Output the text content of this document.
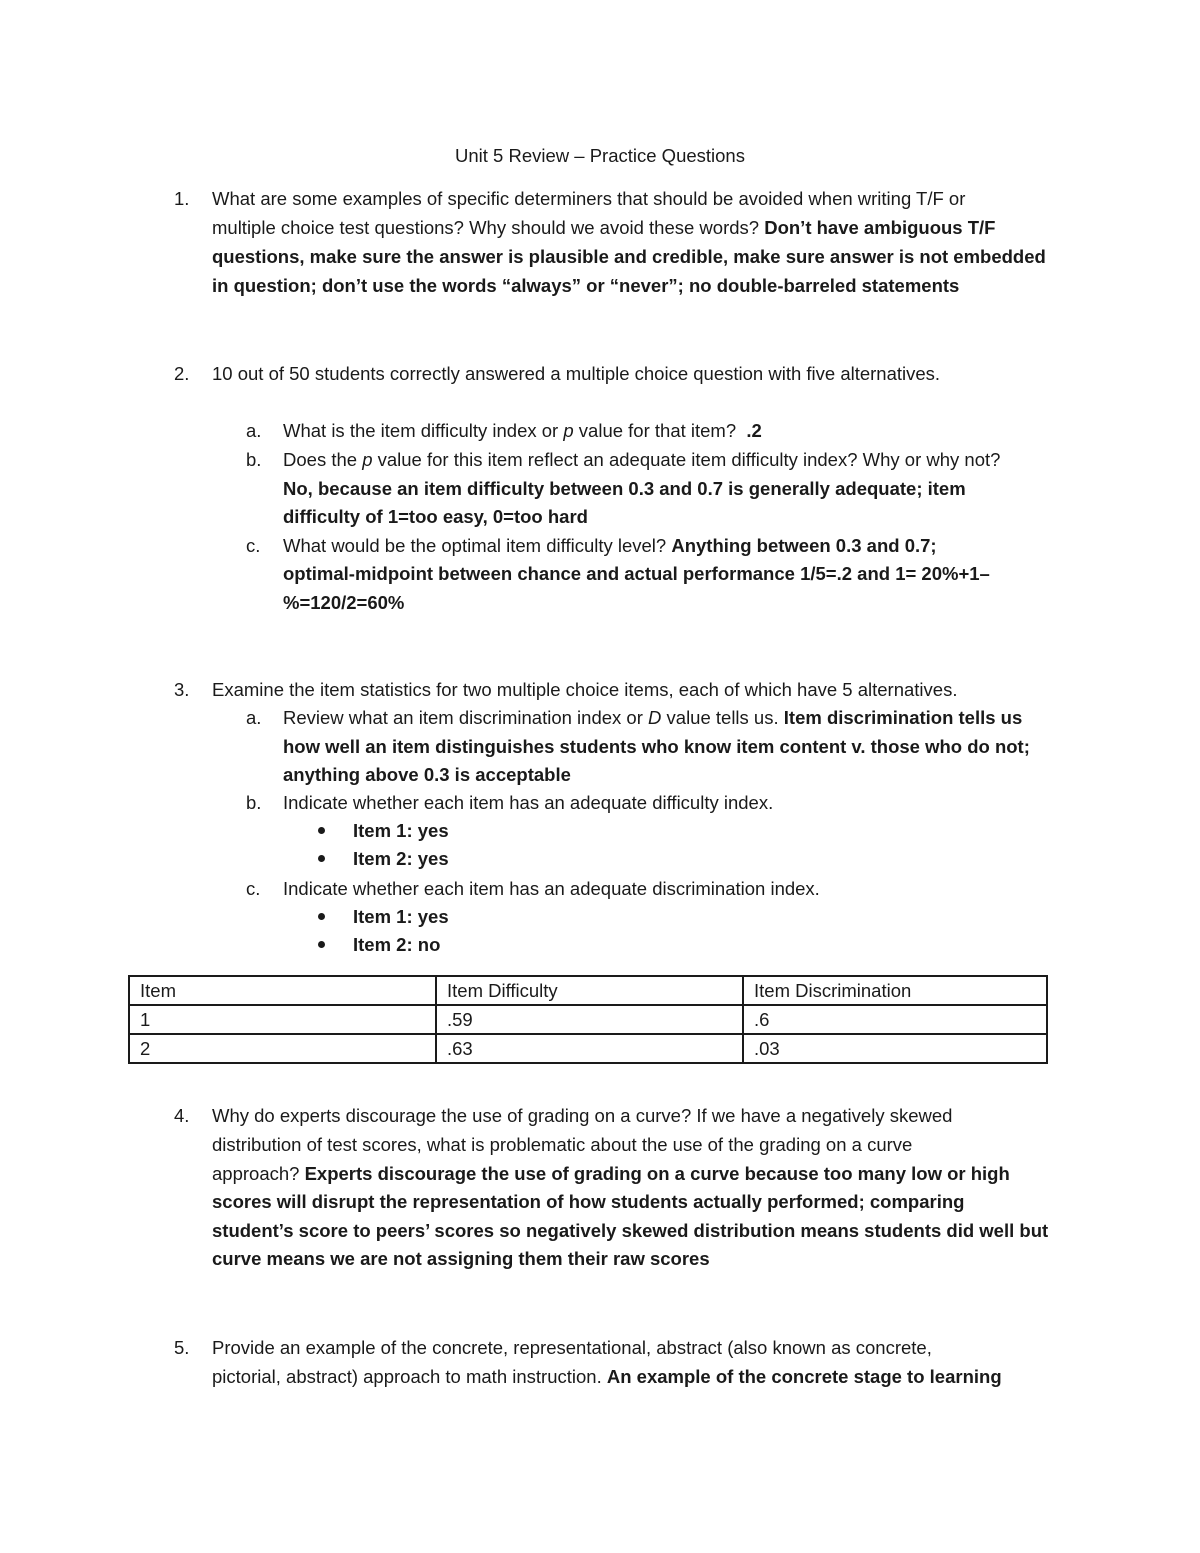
Unit 5 Review – Practice Questions
1. What are some examples of specific determiners that should be avoided when writing T/F or
multiple choice test questions? Why should we avoid these words? Don’t have ambiguous T/F
questions, make sure the answer is plausible and credible, make sure answer is not embedded
in question; don’t use the words “always” or “never”; no double-barreled statements
2. 10 out of 50 students correctly answered a multiple choice question with five alternatives.
a. What is the item difficulty index or p value for that item? .2
b. Does the p value for this item reflect an adequate item difficulty index? Why or why not?
No, because an item difficulty between 0.3 and 0.7 is generally adequate; item
difficulty of 1=too easy, 0=too hard
c. What would be the optimal item difficulty level? Anything between 0.3 and 0.7;
optimal-midpoint between chance and actual performance 1/5=.2 and 1= 20%+1–
%=120/2=60%
3. Examine the item statistics for two multiple choice items, each of which have 5 alternatives.
a. Review what an item discrimination index or D value tells us. Item discrimination tells us
how well an item distinguishes students who know item content v. those who do not;
anything above 0.3 is acceptable
b. Indicate whether each item has an adequate difficulty index.
Item 1: yes
Item 2: yes
c. Indicate whether each item has an adequate discrimination index.
Item 1: yes
Item 2: no
Item	Item Difficulty	Item Discrimination
1	.59	.6
2	.63	.03
4. Why do experts discourage the use of grading on a curve? If we have a negatively skewed
distribution of test scores, what is problematic about the use of the grading on a curve
approach? Experts discourage the use of grading on a curve because too many low or high
scores will disrupt the representation of how students actually performed; comparing
student’s score to peers’ scores so negatively skewed distribution means students did well but
curve means we are not assigning them their raw scores
5. Provide an example of the concrete, representational, abstract (also known as concrete,
pictorial, abstract) approach to math instruction. An example of the concrete stage to learning
